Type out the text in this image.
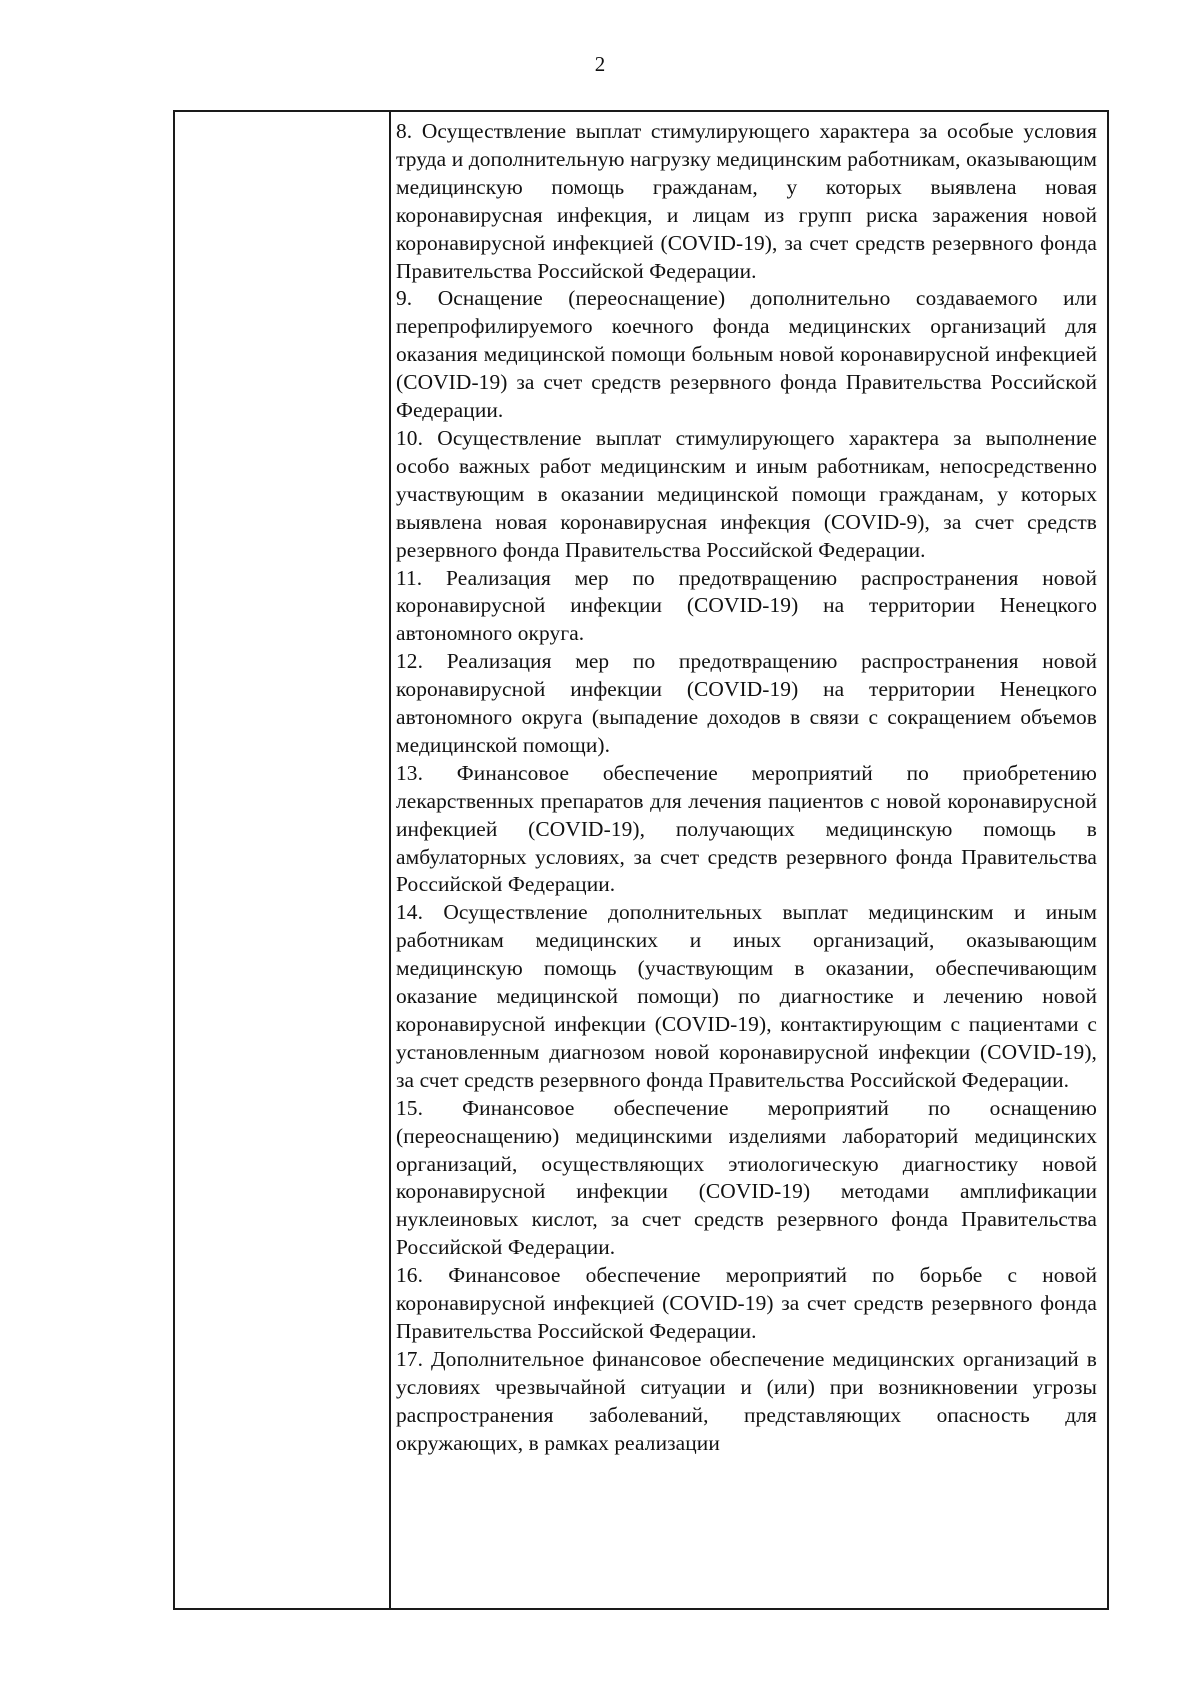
2

8. Осуществление выплат стимулирующего характера за особые условия труда и дополнительную нагрузку медицинским работникам, оказывающим медицинскую помощь гражданам, у которых выявлена новая коронавирусная инфекция, и лицам из групп риска заражения новой коронавирусной инфекцией (COVID-19), за счет средств резервного фонда Правительства Российской Федерации.

9. Оснащение (переоснащение) дополнительно создаваемого или перепрофилируемого коечного фонда медицинских организаций для оказания медицинской помощи больным новой коронавирусной инфекцией (COVID-19) за счет средств резервного фонда Правительства Российской Федерации.

10. Осуществление выплат стимулирующего характера за выполнение особо важных работ медицинским и иным работникам, непосредственно участвующим в оказании медицинской помощи гражданам, у которых выявлена новая коронавирусная инфекция (COVID-9), за счет средств резервного фонда Правительства Российской Федерации.

11. Реализация мер по предотвращению распространения новой коронавирусной инфекции (COVID-19) на территории Ненецкого автономного округа.

12. Реализация мер по предотвращению распространения новой коронавирусной инфекции (COVID-19) на территории Ненецкого автономного округа (выпадение доходов в связи с сокращением объемов медицинской помощи).

13. Финансовое обеспечение мероприятий по приобретению лекарственных препаратов для лечения пациентов с новой коронавирусной инфекцией (COVID-19), получающих медицинскую помощь в амбулаторных условиях, за счет средств резервного фонда Правительства Российской Федерации.

14. Осуществление дополнительных выплат медицинским и иным работникам медицинских и иных организаций, оказывающим медицинскую помощь (участвующим в оказании, обеспечивающим оказание медицинской помощи) по диагностике и лечению новой коронавирусной инфекции (COVID-19), контактирующим с пациентами с установленным диагнозом новой коронавирусной инфекции (COVID-19), за счет средств резервного фонда Правительства Российской Федерации.

15. Финансовое обеспечение мероприятий по оснащению (переоснащению) медицинскими изделиями лабораторий медицинских организаций, осуществляющих этиологическую диагностику новой коронавирусной инфекции (COVID-19) методами амплификации нуклеиновых кислот, за счет средств резервного фонда Правительства Российской Федерации.

16. Финансовое обеспечение мероприятий по борьбе с новой коронавирусной инфекцией (COVID-19) за счет средств резервного фонда Правительства Российской Федерации.

17. Дополнительное финансовое обеспечение медицинских организаций в условиях чрезвычайной ситуации и (или) при возникновении угрозы распространения заболеваний, представляющих опасность для окружающих, в рамках реализации
